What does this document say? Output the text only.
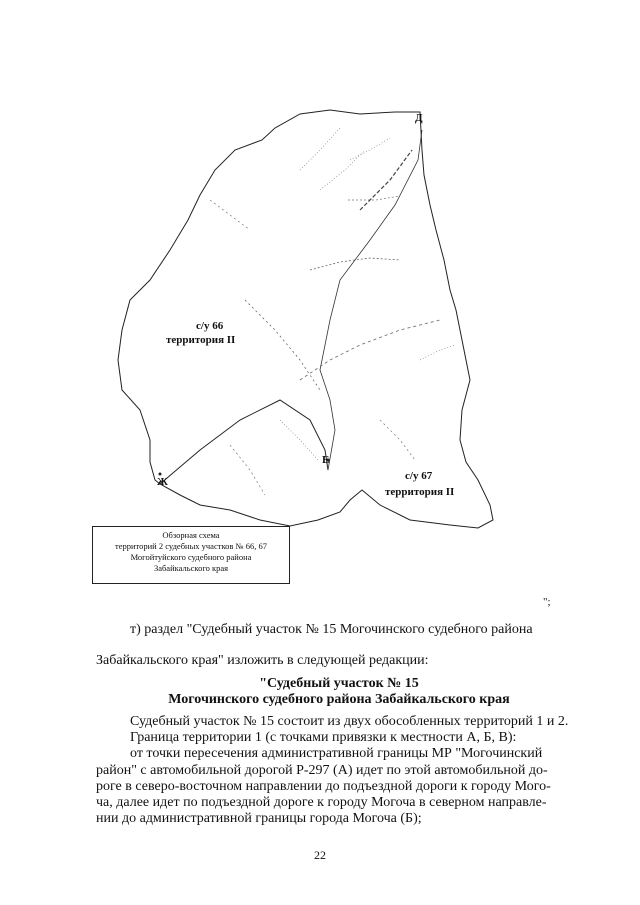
Д
Е
Ж
с/у 66
территория II
с/у 67
территория II
Обзорная схема
территорий 2 судебных участков № 66, 67
Могойтуйского судебного района
Забайкальского края
";
т) раздел "Судебный участок № 15 Могочинского судебного района
Забайкальского края" изложить в следующей редакции:
"Судебный участок № 15
Могочинского судебного района Забайкальского края
Судебный участок № 15 состоит из двух обособленных территорий 1 и 2.
Граница территории 1 (с точками привязки к местности А, Б, В):
от точки пересечения административной границы МР "Могочинский
район" с автомобильной дорогой Р-297 (А) идет по этой автомобильной до-
роге в северо-восточном направлении до подъездной дороги к городу Мого-
ча, далее идет по подъездной дороге к городу Могоча в северном направле-
нии до административной границы города Могоча (Б);
22
